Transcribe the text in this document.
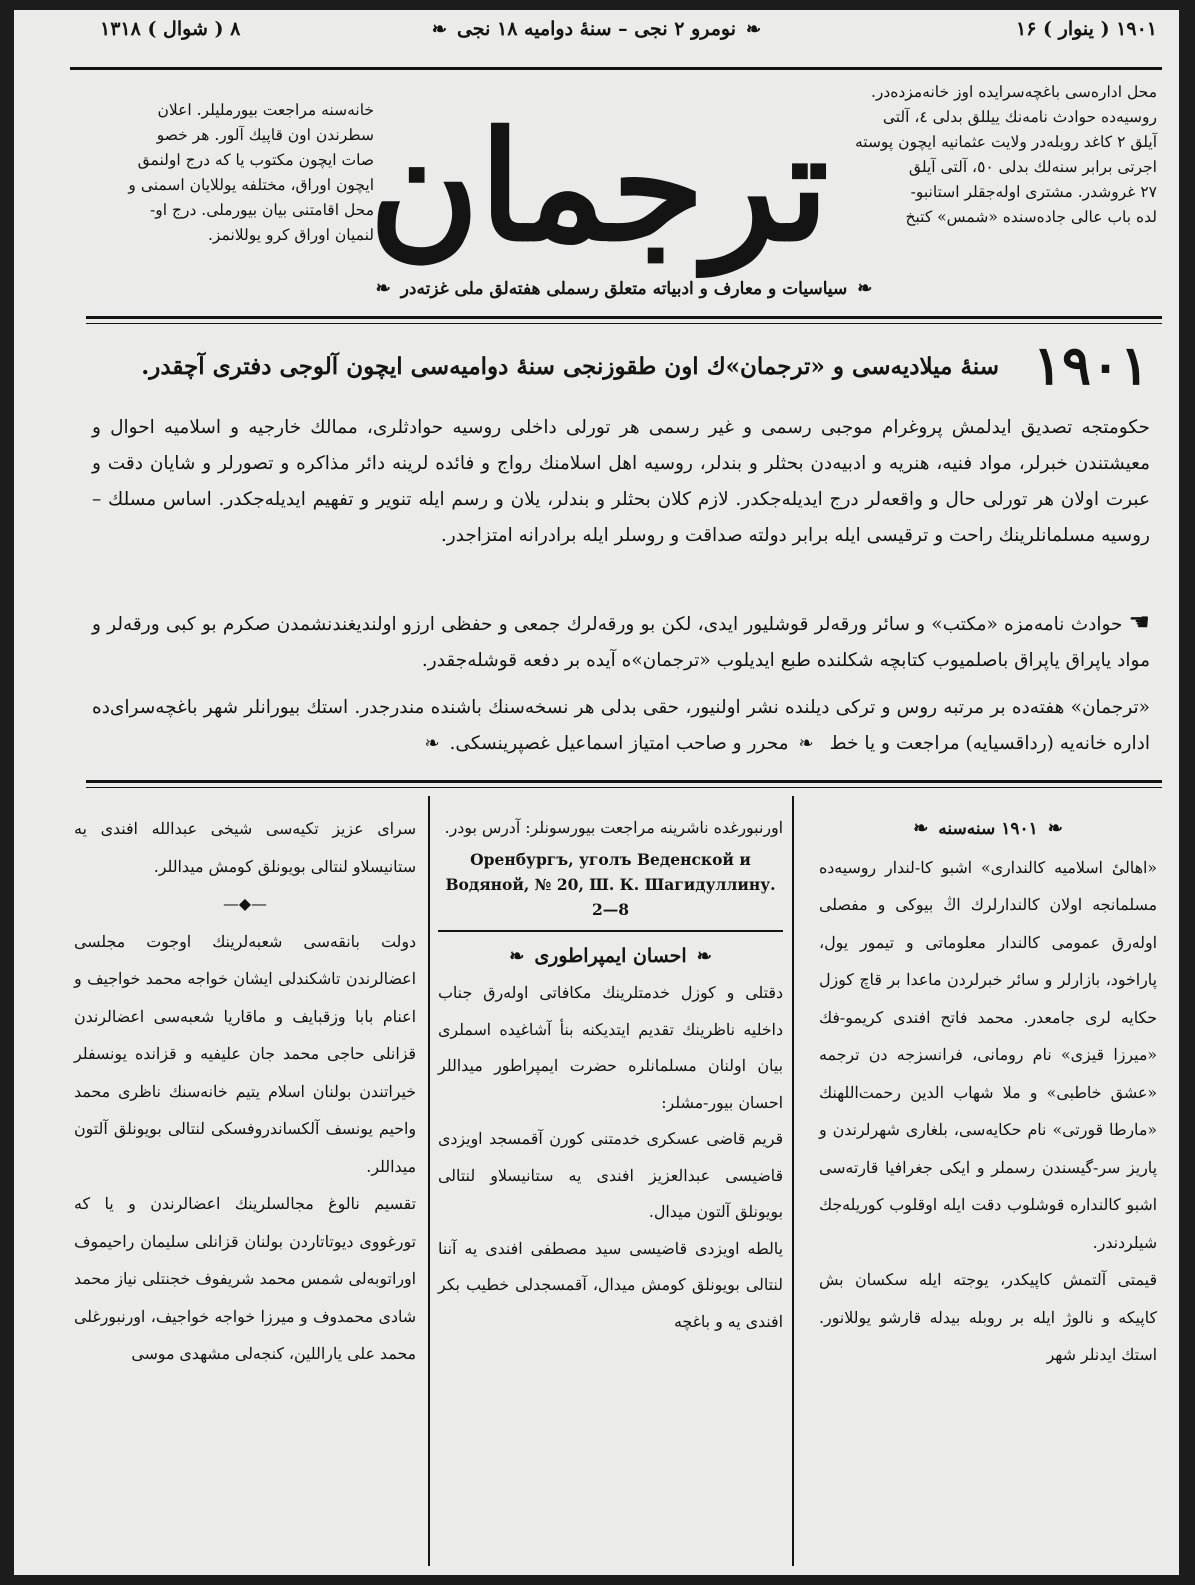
۱۹۰۱ ( ینوار ) ۱۶
❧نومرو ۲ نجی – سنهٔ دوامیه ۱۸ نجی❧
۸ ( شوال ) ۱۳۱۸
محل ادارەسی باغچه‌سرایده اوز خانه‌مزده‌در.
روسیه‌ده حوادث نامه‌نك ییللق بدلی ٤، آلتی
آیلق ۲ کاغد روبله‌در ولایت عثمانیه ایچون پوسته
اجرتی برابر سنه‌لك بدلی ٥٠، آلتی آیلق
۲۷ غروشدر. مشتری اوله‌جقلر استانبو-
لده باب عالی جاده‌سنده «شمس» کتبخ
ترجمان
خانه‌سنه مراجعت بیورملیلر. اعلان
سطرندن اون قاپیك آلور. هر خصو
صات ایچون مکتوب یا که درج اولنمق
ایچون اوراق، مختلفه یوللایان اسمنی و
محل اقامتنی بیان بیورملی. درج او-
لنمیان اوراق کرو یوللانمز.
❧سیاسیات و معارف و ادبیاته متعلق رسملی هفته‌لق ملی غزته‌در❧
۱۹۰۱
سنهٔ میلادیه‌سی و «ترجمان»‌ك اون طقوزنجی سنهٔ دوامیه‌سی ایچون آلوجی دفتری آچقدر.
حکومتجه تصدیق ایدلمش پروغرام موجبی رسمی و غیر رسمی هر تورلی داخلی روسیه حوادثلری، ممالك خارجیه و اسلامیه احوال و معیشتندن خبرلر، مواد فنیه، هنریه و ادبیه‌دن بحثلر و بندلر، روسیه اهل اسلامنك رواج و فائده لرینه دائر مذاکره و تصورلر و شایان دقت و عبرت اولان هر تورلی حال و واقعه‌لر درج ایدیله‌جکدر. لازم کلان بحثلر و بندلر، یلان و رسم ایله تنویر و تفهیم ایدیله‌جکدر. اساس مسلك – روسیه مسلمانلرینك راحت و ترقیسی ایله برابر دولته صداقت و روسلر ایله برادرانه امتزاجدر.
☚حوادث نامه‌مزه «مکتب» و سائر ورقه‌لر قوشلیور ایدی، لکن بو ورقه‌لرك جمعی و حفظی ارزو اولندیغندنشمدن صکرم بو کبی ورقه‌لر و مواد یاپراق یاپراق باصلمیوب کتابچه شکلنده طبع ایدیلوب «ترجمان»ه آیده بر دفعه قوشله‌جقدر.
«ترجمان» هفته‌ده بر مرتبه روس و ترکی دیلنده نشر اولنیور، حقی بدلی هر نسخه‌سنك باشنده مندرجدر. استك بیورانلر شهر باغچه‌سرای‌ده اداره خانه‌یه (رداقسیایه) مراجعت و یا خط ❧محرر و صاحب امتیاز اسماعیل غصپرینسکی.❧

❧۱۹۰۱ سنه‌سنه❧

«اهالیٔ اسلامیه کالنداری» اشبو کا-لندار روسیه‌ده مسلمانجه اولان کالندارلرك اڭ بیوکی و مفصلی اوله‌رق عمومی کالندار معلوماتی و تیمور یول، پاراخود، بازارلر و سائر خبرلردن ماعدا بر قاچ کوزل حکایه لری جامعدر. محمد فاتح افندی کریمو-فك «میرزا قیزی» نام رومانی، فرانسزجه دن ترجمه «عشق خاطبی» و ملا شهاب الدین رحمت‌اللهنك «مارطا قورتی» نام حکایه‌سی، بلغاری شهرلرندن و پاریز سر-گیسندن رسملر و ایکی جغرافیا قارته‌سی اشبو کالنداره قوشلوب دقت ایله اوقلوب کوریله‌جك شیلردندر.

قیمتی آلتمش کاپیکدر، یوجته ایله سکسان بش کاپیکه و نالوژ ایله بر روبله بیدله قارشو یوللانور. استك ایدنلر شهر

اورنبورغده ناشرینه مراجعت بیورسونلر: آدرس بودر.

Оренбургъ, уголъ Веденской и Водяной, № 20, Ш. К. Шагидуллину. 2—8

❧احسان ایمپراطوری❧

دقتلی و کوزل خدمتلرینك مکافاتی اوله‌رق جناب داخلیه ناظرینك تقدیم ایتدیکنه بنأ آشاغیده اسملری بیان اولنان مسلمانلره حضرت ایمپراطور میداللر احسان بیور-مشلر:

قریم قاضی عسکری خدمتنی کورن آقمسجد اویزدی قاضیسی عبدالعزیز افندی یه ستانیسلاو لنتالی بویونلق آلتون میدال.

یالطه اویزدی قاضیسی سید مصطفی افندی یه آننا لنتالی بویونلق کومش میدال، آقمسجدلی خطیب بکر افندی یه و باغچه

سرای عزیز تکیه‌سی شیخی عبدالله افندی یه ستانیسلاو لنتالی بویونلق کومش میداللر.

—◆—

دولت بانقه‌سی شعبه‌لرینك اوجوت مجلسی اعضالرندن تاشکندلی ایشان خواجه محمد خواجیف و اعنام بابا وزقبایف و ماقاریا شعبه‌سی اعضالرندن قزانلی حاجی محمد جان علیفیه و قزانده یونسفلر خیراتندن بولنان اسلام یتیم خانه‌سنك ناظری محمد واحیم یونسف آلکساندروفسکی لنتالی بویونلق آلتون میداللر.

تقسیم نالوغ مجالسلرینك اعضالرندن و یا که تورغووی دیوتاتاردن بولنان قزانلی سلیمان راحیموف اوراتوبه‌لی شمس محمد شریفوف خجنتلی نیاز محمد شادی محمدوف و میرزا خواجه خواجیف، اورنبورغلی محمد علی یاراللین، کنجه‌لی مشهدی موسی
